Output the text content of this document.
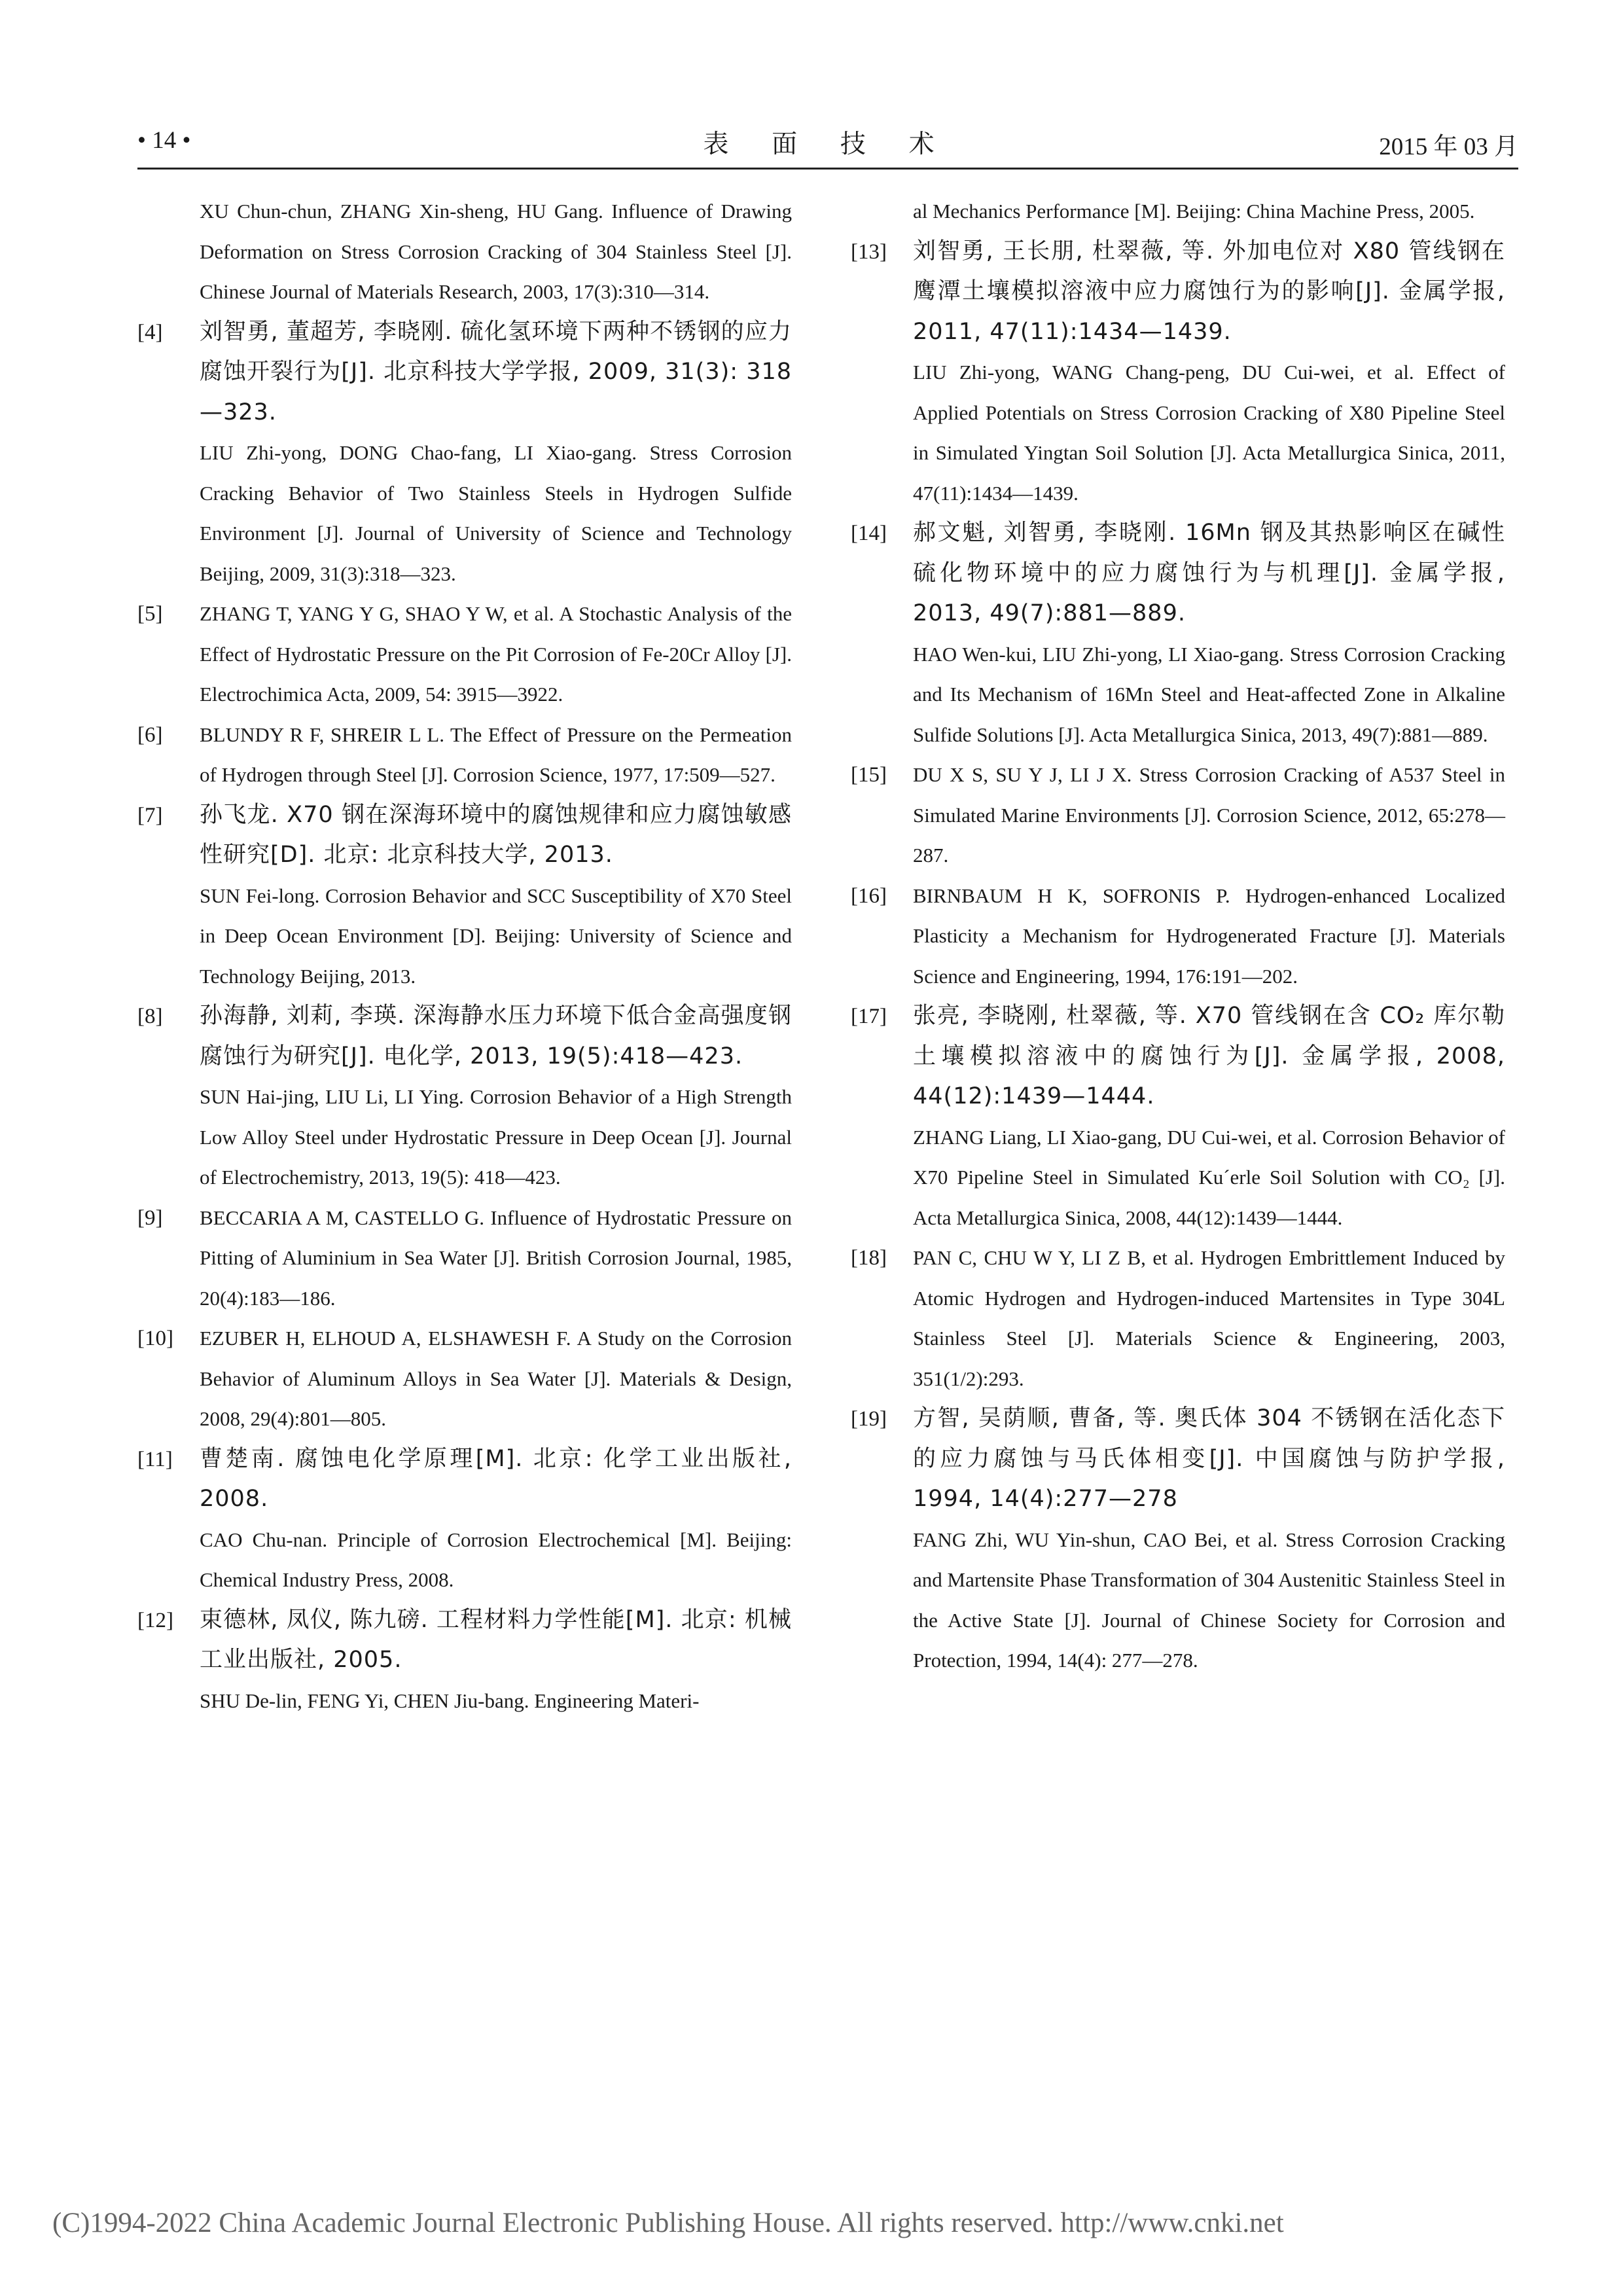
• 14 •	表 面 技 术	2015 年 03 月

XU Chun-chun, ZHANG Xin-sheng, HU Gang. Influence of Drawing Deformation on Stress Corrosion Cracking of 304 Stainless Steel [J]. Chinese Journal of Materials Research, 2003, 17(3):310—314.

[4] 刘智勇, 董超芳, 李晓刚. 硫化氢环境下两种不锈钢的应力腐蚀开裂行为[J]. 北京科技大学学报, 2009, 31(3): 318—323.

LIU Zhi-yong, DONG Chao-fang, LI Xiao-gang. Stress Corrosion Cracking Behavior of Two Stainless Steels in Hydrogen Sulfide Environment [J]. Journal of University of Science and Technology Beijing, 2009, 31(3):318—323.

[5] ZHANG T, YANG Y G, SHAO Y W, et al. A Stochastic Analysis of the Effect of Hydrostatic Pressure on the Pit Corrosion of Fe-20Cr Alloy [J]. Electrochimica Acta, 2009, 54: 3915—3922.

[6] BLUNDY R F, SHREIR L L. The Effect of Pressure on the Permeation of Hydrogen through Steel [J]. Corrosion Science, 1977, 17:509—527.

[7] 孙飞龙. X70 钢在深海环境中的腐蚀规律和应力腐蚀敏感性研究[D]. 北京: 北京科技大学, 2013.

SUN Fei-long. Corrosion Behavior and SCC Susceptibility of X70 Steel in Deep Ocean Environment [D]. Beijing: University of Science and Technology Beijing, 2013.

[8] 孙海静, 刘莉, 李瑛. 深海静水压力环境下低合金高强度钢腐蚀行为研究[J]. 电化学, 2013, 19(5):418—423.

SUN Hai-jing, LIU Li, LI Ying. Corrosion Behavior of a High Strength Low Alloy Steel under Hydrostatic Pressure in Deep Ocean [J]. Journal of Electrochemistry, 2013, 19(5): 418—423.

[9] BECCARIA A M, CASTELLO G. Influence of Hydrostatic Pressure on Pitting of Aluminium in Sea Water [J]. British Corrosion Journal, 1985, 20(4):183—186.

[10] EZUBER H, ELHOUD A, ELSHAWESH F. A Study on the Corrosion Behavior of Aluminum Alloys in Sea Water [J]. Materials & Design, 2008, 29(4):801—805.

[11] 曹楚南. 腐蚀电化学原理[M]. 北京: 化学工业出版社, 2008.

CAO Chu-nan. Principle of Corrosion Electrochemical [M]. Beijing: Chemical Industry Press, 2008.

[12] 束德林, 凤仪, 陈九磅. 工程材料力学性能[M]. 北京: 机械工业出版社, 2005.

SHU De-lin, FENG Yi, CHEN Jiu-bang. Engineering Materi-

al Mechanics Performance [M]. Beijing: China Machine Press, 2005.

[13] 刘智勇, 王长朋, 杜翠薇, 等. 外加电位对 X80 管线钢在鹰潭土壤模拟溶液中应力腐蚀行为的影响[J]. 金属学报, 2011, 47(11):1434—1439.

LIU Zhi-yong, WANG Chang-peng, DU Cui-wei, et al. Effect of Applied Potentials on Stress Corrosion Cracking of X80 Pipeline Steel in Simulated Yingtan Soil Solution [J]. Acta Metallurgica Sinica, 2011, 47(11):1434—1439.

[14] 郝文魁, 刘智勇, 李晓刚. 16Mn 钢及其热影响区在碱性硫化物环境中的应力腐蚀行为与机理[J]. 金属学报, 2013, 49(7):881—889.

HAO Wen-kui, LIU Zhi-yong, LI Xiao-gang. Stress Corrosion Cracking and Its Mechanism of 16Mn Steel and Heat-affected Zone in Alkaline Sulfide Solutions [J]. Acta Metallurgica Sinica, 2013, 49(7):881—889.

[15] DU X S, SU Y J, LI J X. Stress Corrosion Cracking of A537 Steel in Simulated Marine Environments [J]. Corrosion Science, 2012, 65:278—287.

[16] BIRNBAUM H K, SOFRONIS P. Hydrogen-enhanced Localized Plasticity a Mechanism for Hydrogenerated Fracture [J]. Materials Science and Engineering, 1994, 176:191—202.

[17] 张亮, 李晓刚, 杜翠薇, 等. X70 管线钢在含 CO₂ 库尔勒土壤模拟溶液中的腐蚀行为[J]. 金属学报, 2008, 44(12):1439—1444.

ZHANG Liang, LI Xiao-gang, DU Cui-wei, et al. Corrosion Behavior of X70 Pipeline Steel in Simulated Ku´erle Soil Solution with CO₂ [J]. Acta Metallurgica Sinica, 2008, 44(12):1439—1444.

[18] PAN C, CHU W Y, LI Z B, et al. Hydrogen Embrittlement Induced by Atomic Hydrogen and Hydrogen-induced Martensites in Type 304L Stainless Steel [J]. Materials Science & Engineering, 2003, 351(1/2):293.

[19] 方智, 吴荫顺, 曹备, 等. 奥氏体 304 不锈钢在活化态下的应力腐蚀与马氏体相变[J]. 中国腐蚀与防护学报, 1994, 14(4):277—278

FANG Zhi, WU Yin-shun, CAO Bei, et al. Stress Corrosion Cracking and Martensite Phase Transformation of 304 Austenitic Stainless Steel in the Active State [J]. Journal of Chinese Society for Corrosion and Protection, 1994, 14(4): 277—278.

(C)1994-2022 China Academic Journal Electronic Publishing House. All rights reserved. http://www.cnki.net
